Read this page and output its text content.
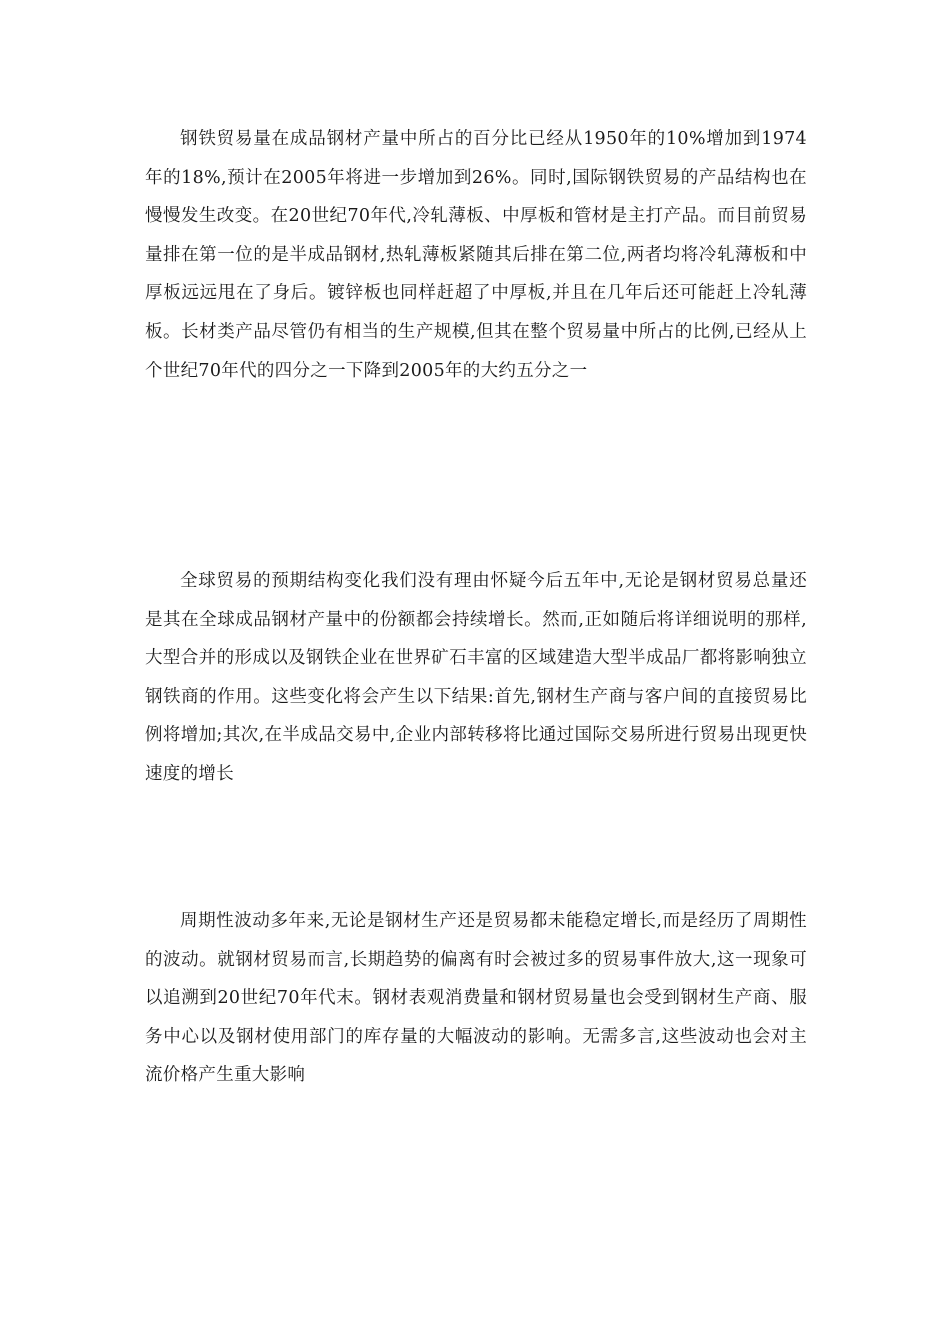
钢铁贸易量在成品钢材产量中所占的百分比已经从1950年的10%增加到1974年的18%,预计在2005年将进一步增加到26%。同时,国际钢铁贸易的产品结构也在慢慢发生改变。在20世纪70年代,冷轧薄板、中厚板和管材是主打产品。而目前贸易量排在第一位的是半成品钢材,热轧薄板紧随其后排在第二位,两者均将冷轧薄板和中厚板远远甩在了身后。镀锌板也同样赶超了中厚板,并且在几年后还可能赶上冷轧薄板。长材类产品尽管仍有相当的生产规模,但其在整个贸易量中所占的比例,已经从上个世纪70年代的四分之一下降到2005年的大约五分之一

全球贸易的预期结构变化我们没有理由怀疑今后五年中,无论是钢材贸易总量还是其在全球成品钢材产量中的份额都会持续增长。然而,正如随后将详细说明的那样,大型合并的形成以及钢铁企业在世界矿石丰富的区域建造大型半成品厂都将影响独立钢铁商的作用。这些变化将会产生以下结果:首先,钢材生产商与客户间的直接贸易比例将增加;其次,在半成品交易中,企业内部转移将比通过国际交易所进行贸易出现更快速度的增长

周期性波动多年来,无论是钢材生产还是贸易都未能稳定增长,而是经历了周期性的波动。就钢材贸易而言,长期趋势的偏离有时会被过多的贸易事件放大,这一现象可以追溯到20世纪70年代末。钢材表观消费量和钢材贸易量也会受到钢材生产商、服务中心以及钢材使用部门的库存量的大幅波动的影响。无需多言,这些波动也会对主流价格产生重大影响
